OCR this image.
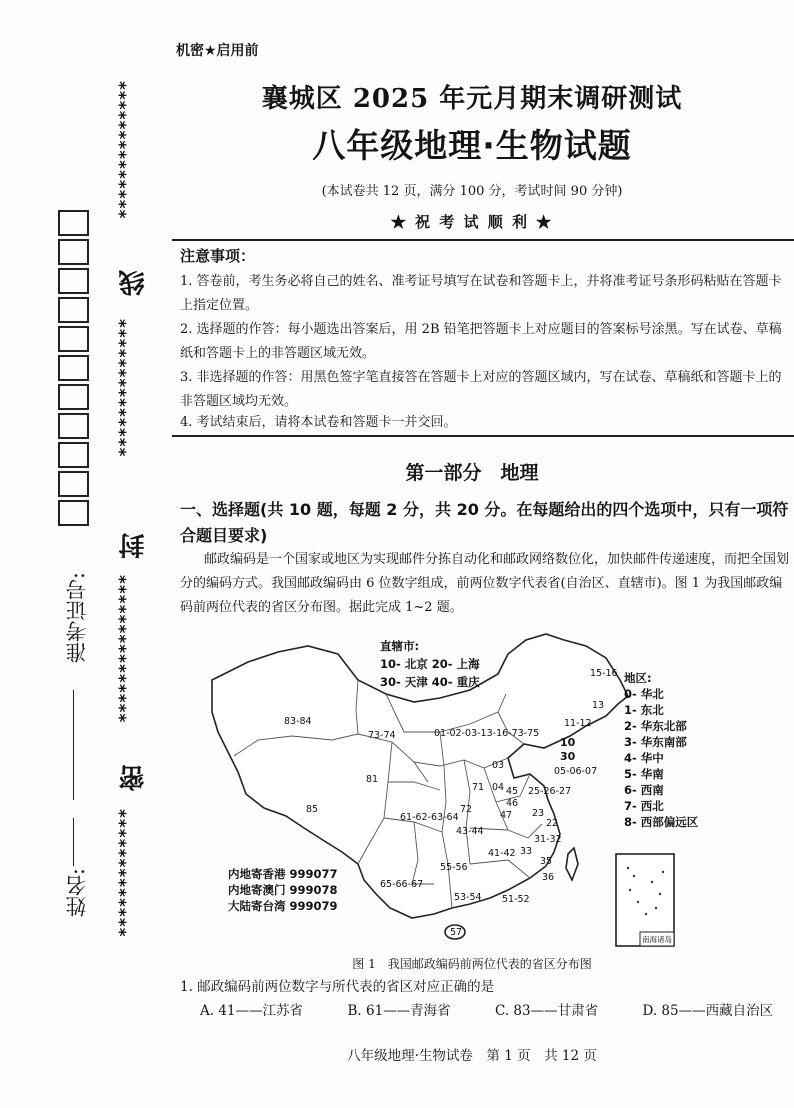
**************
线
**************
封
***************
密
*************
准考证号:
姓名:
机密★启用前
襄城区 2025 年元月期末调研测试
八年级地理·生物试题
(本试卷共 12 页，满分 100 分，考试时间 90 分钟)
★ 祝 考 试 顺 利 ★
注意事项：
1. 答卷前，考生务必将自己的姓名、准考证号填写在试卷和答题卡上，并将准考证号条形码粘贴在答题卡上指定位置。
2. 选择题的作答：每小题选出答案后，用 2B 铅笔把答题卡上对应题目的答案标号涂黑。写在试卷、草稿纸和答题卡上的非答题区域无效。
3. 非选择题的作答：用黑色签字笔直接答在答题卡上对应的答题区域内，写在试卷、草稿纸和答题卡上的非答题区域均无效。
4. 考试结束后，请将本试卷和答题卡一并交回。
第一部分　地理
一、选择题(共 10 题，每题 2 分，共 20 分。在每题给出的四个选项中，只有一项符合题目要求)
邮政编码是一个国家或地区为实现邮件分拣自动化和邮政网络数位化，加快邮件传递速度，而把全国划分的编码方式。我国邮政编码由 6 位数字组成，前两位数字代表省(自治区、直辖市)。图 1 为我国邮政编码前两位代表的省区分布图。据此完成 1~2 题。
南海诸岛
直辖市:
10- 北京 20- 上海
30- 天津 40- 重庆	地区:
0- 华北
1- 东北
2- 华东北部
3- 华东南部
4- 华中
5- 华南
6- 西南
7- 西北
8- 西部偏远区
内地寄香港 999077
内地寄澳门 999078
大陆寄台湾 999079
15-16
13
11-12
83-84
73-74	01-02-03-13-16-73-75
10
30
05-06-07
03
04	25-26-27
81
85
71
72
45
46
47
61-62-63-64
43-44
23
22
41-42 33
31-32
55-56
35
36
65-66-67
53-54 51-52
57
图 1　我国邮政编码前两位代表的省区分布图
1. 邮政编码前两位数字与所代表的省区对应正确的是
A. 41——江苏省	B. 61——青海省	C. 83——甘肃省	D. 85——西藏自治区
八年级地理·生物试卷　第 1 页　共 12 页
